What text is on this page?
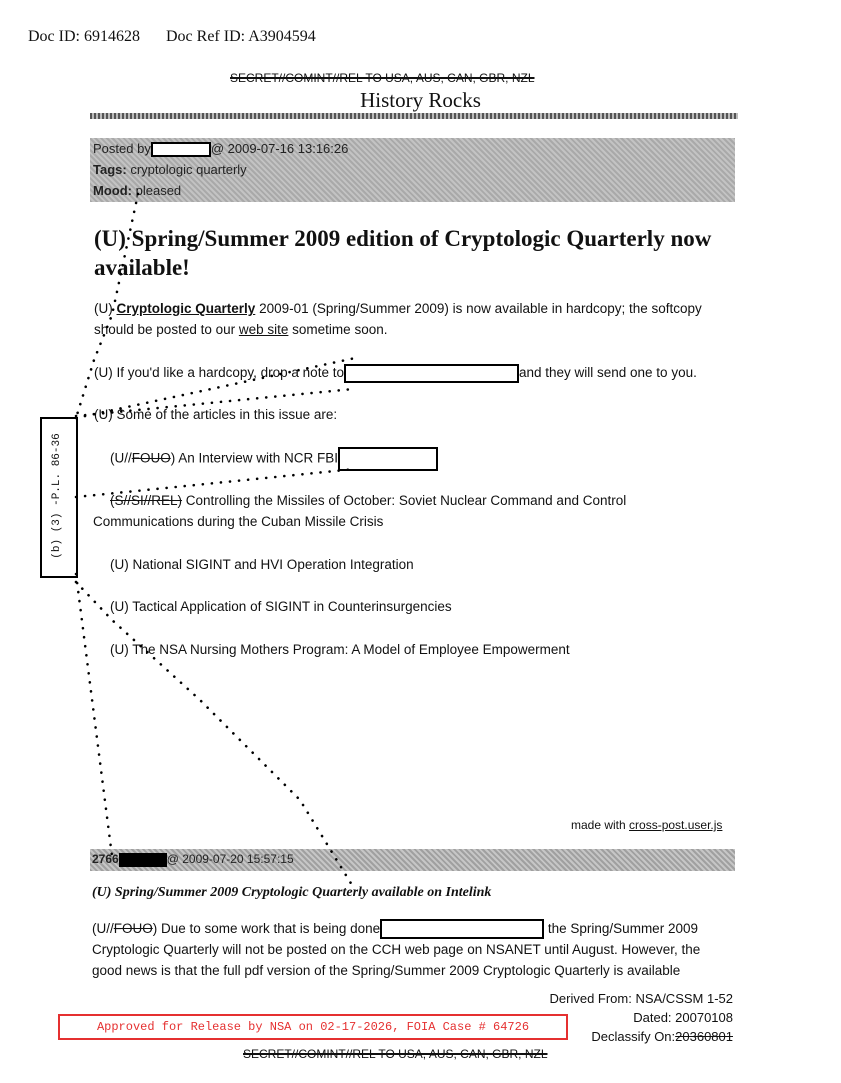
Doc ID: 6914628 Doc Ref ID: A3904594
SECRET//COMINT//REL TO USA, AUS, CAN, GBR, NZL
History Rocks
Posted by	@ 2009-07-16 13:16:26
Tags: cryptologic quarterly
Mood: pleased
(U) Spring/Summer 2009 edition of Cryptologic Quarterly now available!
(U) Cryptologic Quarterly 2009-01 (Spring/Summer 2009) is now available in hardcopy; the softcopy
should be posted to our web site sometime soon.
(U) If you'd like a hardcopy, drop a note to	and they will send one to you.
(U) Some of the articles in this issue are:
(U//FOUO) An Interview with NCR FBI
(S//SI//REL) Controlling the Missiles of October: Soviet Nuclear Command and Control
Communications during the Cuban Missile Crisis
(U) National SIGINT and HVI Operation Integration
(U) Tactical Application of SIGINT in Counterinsurgencies
(U) The NSA Nursing Mothers Program: A Model of Employee Empowerment
(b) (3) -P.L. 86-36
made with cross-post.user.js
2766	@ 2009-07-20 15:57:15
(U) Spring/Summer 2009 Cryptologic Quarterly available on Intelink
(U//FOUO) Due to some work that is being done	the Spring/Summer 2009
Cryptologic Quarterly will not be posted on the CCH web page on NSANET until August. However, the
good news is that the full pdf version of the Spring/Summer 2009 Cryptologic Quarterly is available
Derived From: NSA/CSSM 1-52
Dated: 20070108
Declassify On:20360801
Approved for Release by NSA on 02-17-2026, FOIA Case # 64726
SECRET//COMINT//REL TO USA, AUS, CAN, GBR, NZL
